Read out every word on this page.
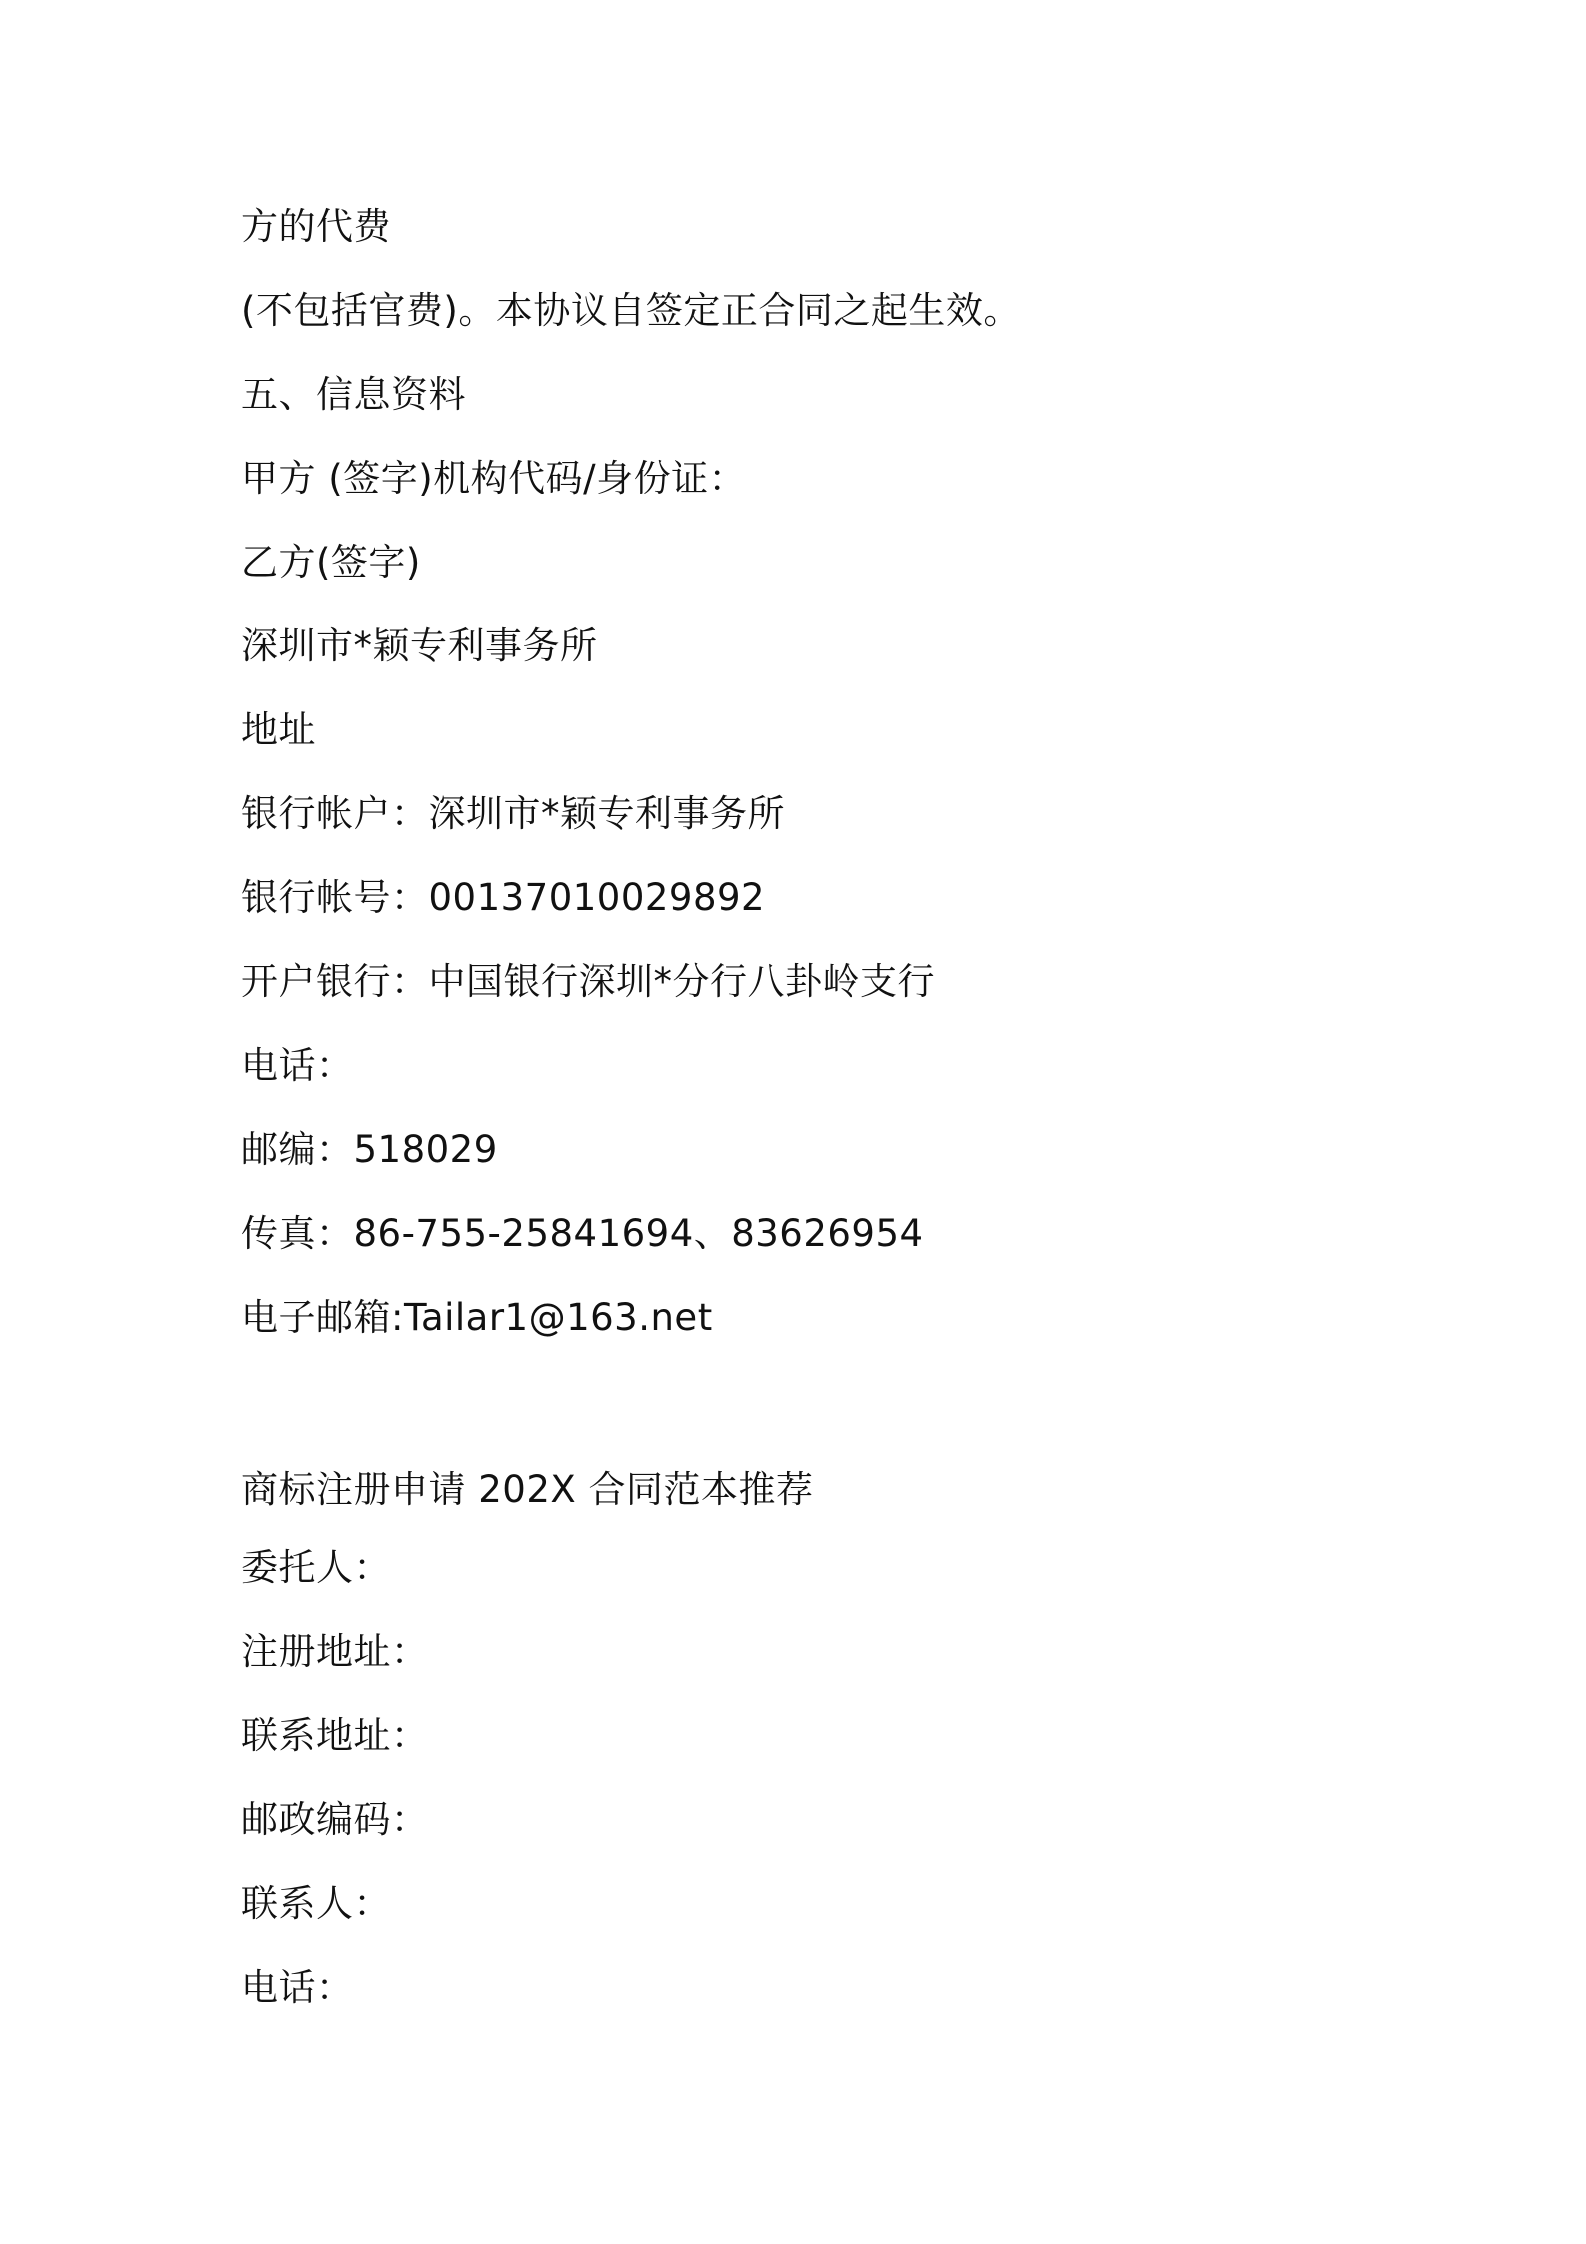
方的代费
(不包括官费)。本协议自签定正合同之起生效。
五、信息资料
甲方 (签字)机构代码/身份证：
乙方(签字)
深圳市*颖专利事务所
地址
银行帐户：深圳市*颖专利事务所
银行帐号：00137010029892
开户银行：中国银行深圳*分行八卦岭支行
电话：
邮编：518029
传真：86-755-25841694、83626954
电子邮箱:Tailar1@163.net
商标注册申请 202X 合同范本推荐
委托人：
注册地址：
联系地址：
邮政编码：
联系人：
电话：
